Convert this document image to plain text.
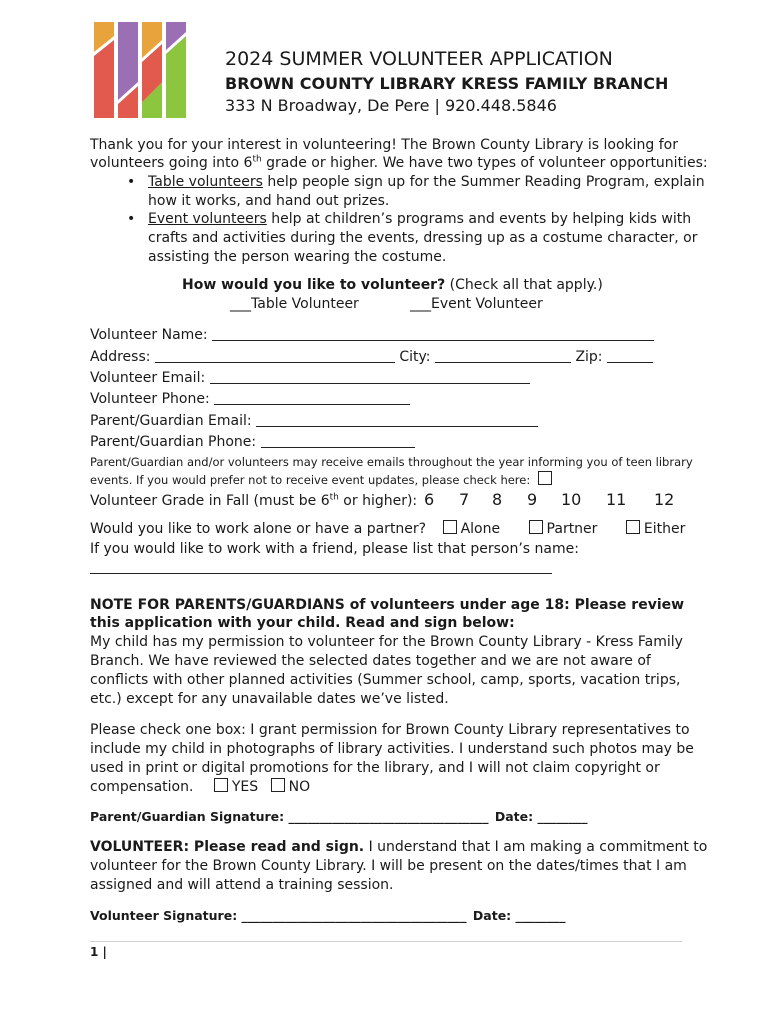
2024 SUMMER VOLUNTEER APPLICATION
BROWN COUNTY LIBRARY KRESS FAMILY BRANCH
333 N Broadway, De Pere | 920.448.5846
Thank you for your interest in volunteering! The Brown County Library is looking for
volunteers going into 6th grade or higher. We have two types of volunteer opportunities:
• Table volunteers help people sign up for the Summer Reading Program, explain
how it works, and hand out prizes.
• Event volunteers help at children’s programs and events by helping kids with
crafts and activities during the events, dressing up as a costume character, or
assisting the person wearing the costume.
How would you like to volunteer? (Check all that apply.)
___Table Volunteer	___Event Volunteer
Volunteer Name:
Address:	City:	Zip:
Volunteer Email:
Volunteer Phone:
Parent/Guardian Email:
Parent/Guardian Phone:
Parent/Guardian and/or volunteers may receive emails throughout the year informing you of teen library
events. If you would prefer not to receive event updates, please check here:
Volunteer Grade in Fall (must be 6th or higher): 6 7 8 9 10 11 12
Would you like to work alone or have a partner? Alone	Partner	Either
If you would like to work with a friend, please list that person’s name:
NOTE FOR PARENTS/GUARDIANS of volunteers under age 18: Please review
this application with your child. Read and sign below:
My child has my permission to volunteer for the Brown County Library - Kress Family
Branch. We have reviewed the selected dates together and we are not aware of
conflicts with other planned activities (Summer school, camp, sports, vacation trips,
etc.) except for any unavailable dates we’ve listed.
Please check one box: I grant permission for Brown County Library representatives to
include my child in photographs of library activities. I understand such photos may be
used in print or digital promotions for the library, and I will not claim copyright or
compensation.	YES NO
Parent/Guardian Signature: ________________________________ Date: ________
VOLUNTEER: Please read and sign. I understand that I am making a commitment to
volunteer for the Brown County Library. I will be present on the dates/times that I am
assigned and will attend a training session.
Volunteer Signature: ____________________________________ Date: ________
1 |
